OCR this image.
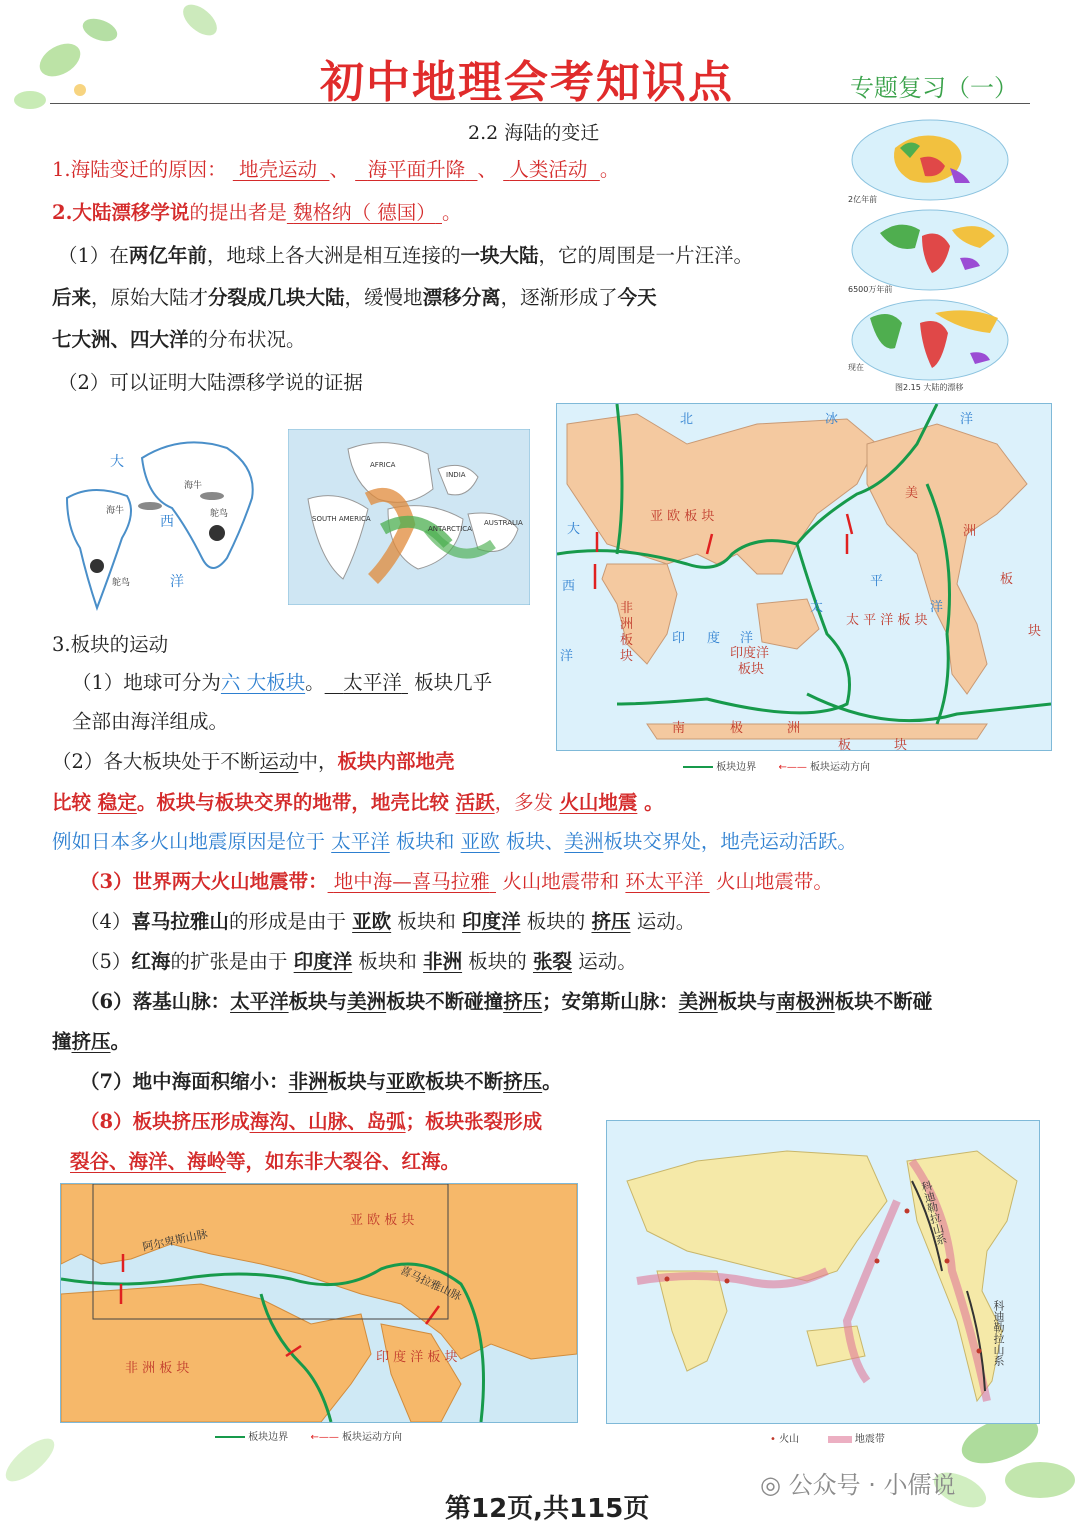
初中地理会考知识点	专题复习（一）
2.2 海陆的变迁
1.海陆变迁的原因： 地壳运动 、 海平面升降 、 人类活动 。
2.大陆漂移学说的提出者是 魏格纳（ 德国） 。
（1）在两亿年前，地球上各大洲是相互连接的一块大陆，它的周围是一片汪洋。
后来，原始大陆才分裂成几块大陆，缓慢地漂移分离，逐渐形成了今天
七大洲、四大洋的分布状况。
（2）可以证明大陆漂移学说的证据
2亿年前
6500万年前
现在
图2.15 大陆的漂移
大
西
洋
海牛
海牛	鸵鸟
鸵鸟
AFRICA
INDIA
SOUTH AMERICA
ANTARCTICA
AUSTRALIA
北	冰	洋
亚 欧 板 块
美
洲
板
块
大
西
洋
非
洲
板
块
印 度 洋
印度洋
板块
太
平
洋
太 平 洋 板 块
南	极	洲
板	块
板块边界 ←—— 板块运动方向
3.板块的运动
（1）地球可分为六 大板块。 太平洋  板块几乎
全部由海洋组成。
（2）各大板块处于不断运动中，板块内部地壳
比较 稳定。板块与板块交界的地带，地壳比较 活跃，多发 火山地震 。
例如日本多火山地震原因是位于 太平洋 板块和 亚欧 板块、美洲板块交界处，地壳运动活跃。
（3）世界两大火山地震带： 地中海—喜马拉雅  火山地震带和 环太平洋  火山地震带。
（4）喜马拉雅山的形成是由于 亚欧 板块和 印度洋 板块的 挤压 运动。
（5）红海的扩张是由于 印度洋 板块和 非洲 板块的 张裂 运动。
（6）落基山脉：太平洋板块与美洲板块不断碰撞挤压；安第斯山脉：美洲板块与南极洲板块不断碰
撞挤压。
（7）地中海面积缩小：非洲板块与亚欧板块不断挤压。
（8）板块挤压形成海沟、山脉、岛弧；板块张裂形成
裂谷、海洋、海岭等，如东非大裂谷、红海。
亚 欧 板 块
阿尔卑斯山脉
喜马拉雅山脉
非 洲 板 块
印 度 洋 板 块
板块边界 ←—— 板块运动方向
科迪勒拉山系
科迪勒拉山系
• 火山	地震带
◎ 公众号 · 小儒说
第12页,共115页
